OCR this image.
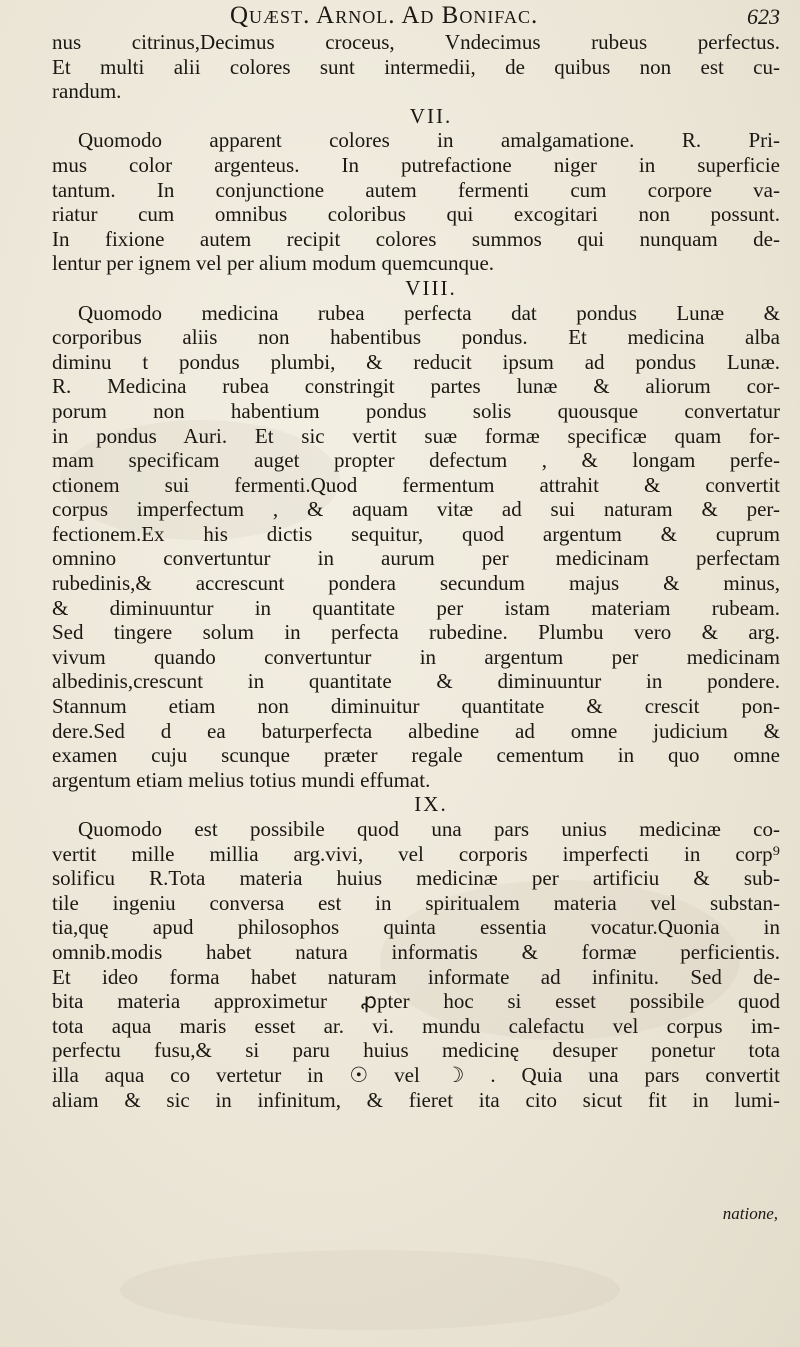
Quæst. Arnol. Ad Bonifac.	623
nus citrinus,Decimus croceus, Vndecimus rubeus perfectus.
Et multi alii colores sunt intermedii, de quibus non est cu-
randum.
VII.
Quomodo apparent colores in amalgamatione. R. Pri-
mus color argenteus. In putrefactione niger in superficie
tantum. In conjunctione autem fermenti cum corpore va-
riatur cum omnibus coloribus qui excogitari non possunt.
In fixione autem recipit colores summos qui nunquam de-
lentur per ignem vel per alium modum quemcunque.
VIII.
Quomodo medicina rubea perfecta dat pondus Lunæ &
corporibus aliis non habentibus pondus. Et medicina alba
diminu t pondus plumbi, & reducit ipsum ad pondus Lunæ.
R. Medicina rubea constringit partes lunæ & aliorum cor-
porum non habentium pondus solis quousque convertatur
in pondus Auri. Et sic vertit suæ formæ specificæ quam for-
mam specificam auget propter defectum , & longam perfe-
ctionem sui fermenti.Quod fermentum attrahit & convertit
corpus imperfectum , & aquam vitæ ad sui naturam & per-
fectionem.Ex his dictis sequitur, quod argentum & cuprum
omnino convertuntur in aurum per medicinam perfectam
rubedinis,& accrescunt pondera secundum majus & minus,
& diminuuntur in quantitate per istam materiam rubeam.
Sed tingere solum in perfecta rubedine. Plumbu vero & arg.
vivum quando convertuntur in argentum per medicinam
albedinis,crescunt in quantitate & diminuuntur in pondere.
Stannum etiam non diminuitur quantitate & crescit pon-
dere.Sed d ea baturperfecta albedine ad omne judicium &
examen cuju scunque præter regale cementum in quo omne
argentum etiam melius totius mundi effumat.
IX.
Quomodo est possibile quod una pars unius medicinæ co-
vertit mille millia arg.vivi, vel corporis imperfecti in corp⁹
solificu R.Tota materia huius medicinæ per artificiu & sub-
tile ingeniu conversa est in spiritualem materia vel substan-
tia,quę apud philosophos quinta essentia vocatur.Quonia in
omnib.modis habet natura informatis & formæ perficientis.
Et ideo forma habet naturam informate ad infinitu. Sed de-
bita materia approximetur ꝓpter hoc si esset possibile quod
tota aqua maris esset ar. vi. mundu calefactu vel corpus im-
perfectu fusu,& si paru huius medicinę desuper ponetur tota
illa aqua co vertetur in ☉ vel ☽ . Quia una pars convertit
aliam & sic in infinitum, & fieret ita cito sicut fit in lumi-
natione,
